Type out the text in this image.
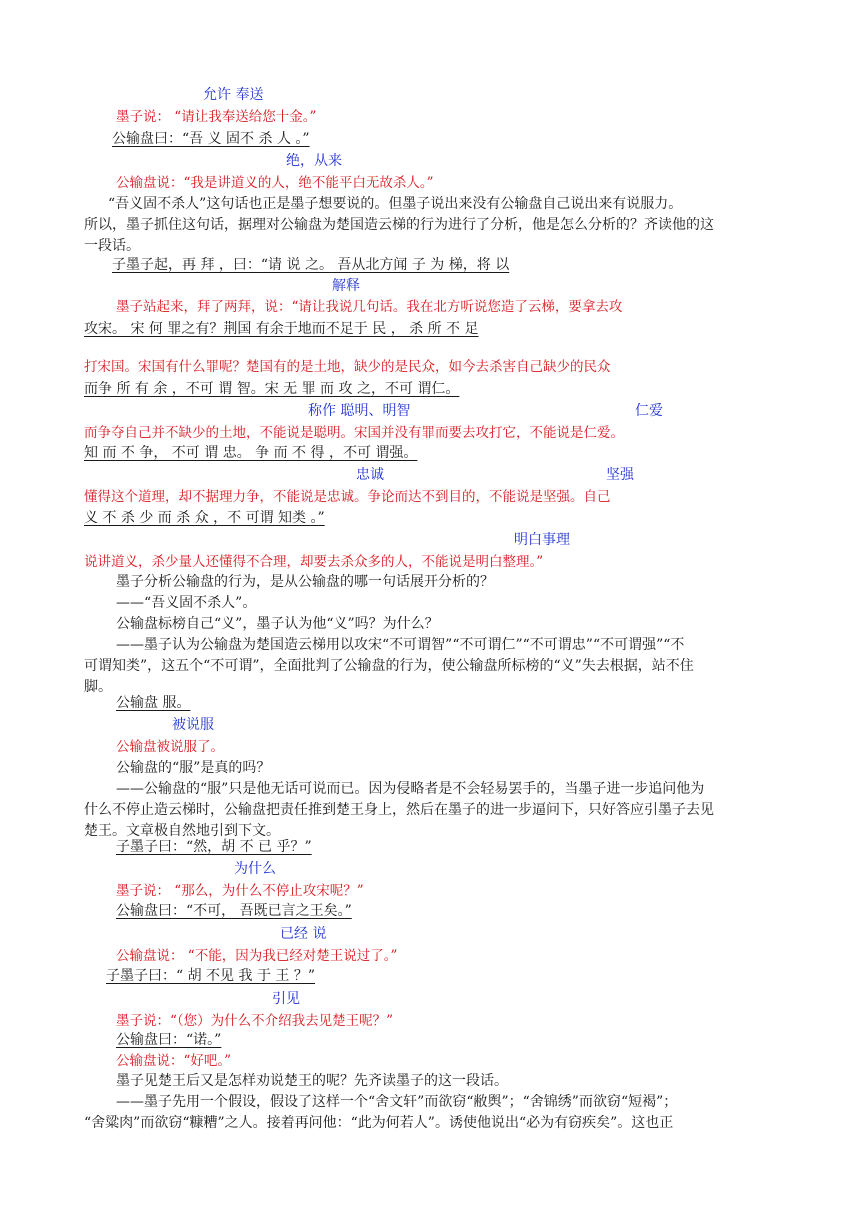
允许 奉送
墨子说： “请让我奉送给您十金。”
公输盘曰：“吾 义 固不 杀 人 。”
绝，从来
公输盘说：“我是讲道义的人，绝不能平白无故杀人。”
“吾义固不杀人”这句话也正是墨子想要说的。但墨子说出来没有公输盘自己说出来有说服力。
所以，墨子抓住这句话，据理对公输盘为楚国造云梯的行为进行了分析，他是怎么分析的？齐读他的这
一段话。
子墨子起，再 拜 ，曰：“请 说 之。 吾从北方闻 子 为 梯，将 以
解释
墨子站起来，拜了两拜，说：“请让我说几句话。我在北方听说您造了云梯，要拿去攻
攻宋。 宋 何 罪之有？荆国 有余于地而不足于 民 ， 杀 所 不 足
打宋国。宋国有什么罪呢？楚国有的是土地，缺少的是民众，如今去杀害自己缺少的民众
而争 所 有 余 ，不可 谓 智。宋 无 罪 而 攻 之，不可 谓仁。
称作 聪明、明智	仁爱
而争夺自己并不缺少的土地，不能说是聪明。宋国并没有罪而要去攻打它，不能说是仁爱。
知 而 不 争， 不可 谓 忠。 争 而 不 得 ，不可 谓强。
忠诚	坚强
懂得这个道理，却不据理力争，不能说是忠诚。争论而达不到目的，不能说是坚强。自己
义 不 杀 少 而 杀 众 ，不 可谓 知类 。”
明白事理
说讲道义，杀少量人还懂得不合理，却要去杀众多的人，不能说是明白整理。”
墨子分析公输盘的行为，是从公输盘的哪一句话展开分析的？
——“吾义固不杀人”。
公输盘标榜自己“义”，墨子认为他“义”吗？为什么？
——墨子认为公输盘为楚国造云梯用以攻宋“不可谓智”“不可谓仁”“不可谓忠”“不可谓强”“不
可谓知类”，这五个“不可谓”，全面批判了公输盘的行为，使公输盘所标榜的“义”失去根据，站不住
脚。
公输盘 服。
被说服
公输盘被说服了。
公输盘的“服”是真的吗？
——公输盘的“服”只是他无话可说而已。因为侵略者是不会轻易罢手的，当墨子进一步追问他为
什么不停止造云梯时，公输盘把责任推到楚王身上，然后在墨子的进一步逼问下，只好答应引墨子去见
楚王。文章极自然地引到下文。
子墨子曰：“然，胡 不 已 乎？”
为什么
墨子说： “那么，为什么不停止攻宋呢？”
公输盘曰：“不可， 吾既已言之王矣。”
已经 说
公输盘说： “不能，因为我已经对楚王说过了。”
子墨子曰：“ 胡 不见 我 于 王 ？”
引见
墨子说：“（您）为什么不介绍我去见楚王呢？”
公输盘曰：“诺。”
公输盘说：“好吧。”
墨子见楚王后又是怎样劝说楚王的呢？先齐读墨子的这一段话。
——墨子先用一个假设，假设了这样一个“舍文轩”而欲窃“敝舆”；“舍锦绣”而欲窃“短褐”；
“舍粱肉”而欲窃“糠糟”之人。接着再问他：“此为何若人”。诱使他说出“必为有窃疾矣”。这也正
